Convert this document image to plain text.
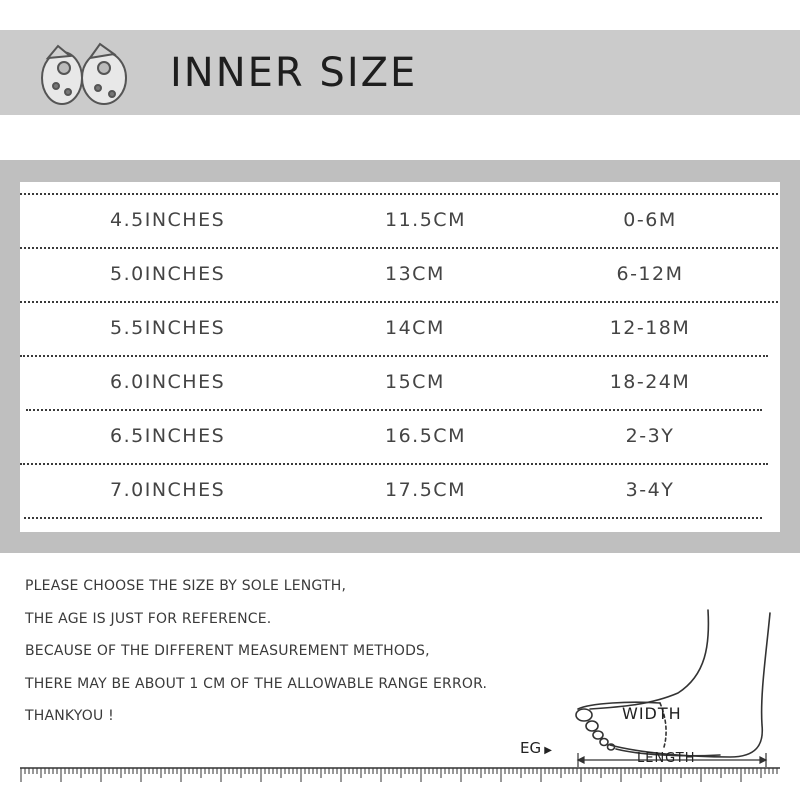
INNER SIZE
4.5INCHES	11.5CM	0-6M
5.0INCHES	13CM	6-12M
5.5INCHES	14CM	12-18M
6.0INCHES	15CM	18-24M
6.5INCHES	16.5CM	2-3Y
7.0INCHES	17.5CM	3-4Y
PLEASE CHOOSE THE SIZE BY SOLE LENGTH,
THE AGE IS JUST FOR REFERENCE.
BECAUSE OF THE DIFFERENT MEASUREMENT METHODS,
THERE MAY BE ABOUT 1 CM OF THE ALLOWABLE RANGE ERROR.
THANKYOU !
EG ▶
WIDTH
LENGTH
